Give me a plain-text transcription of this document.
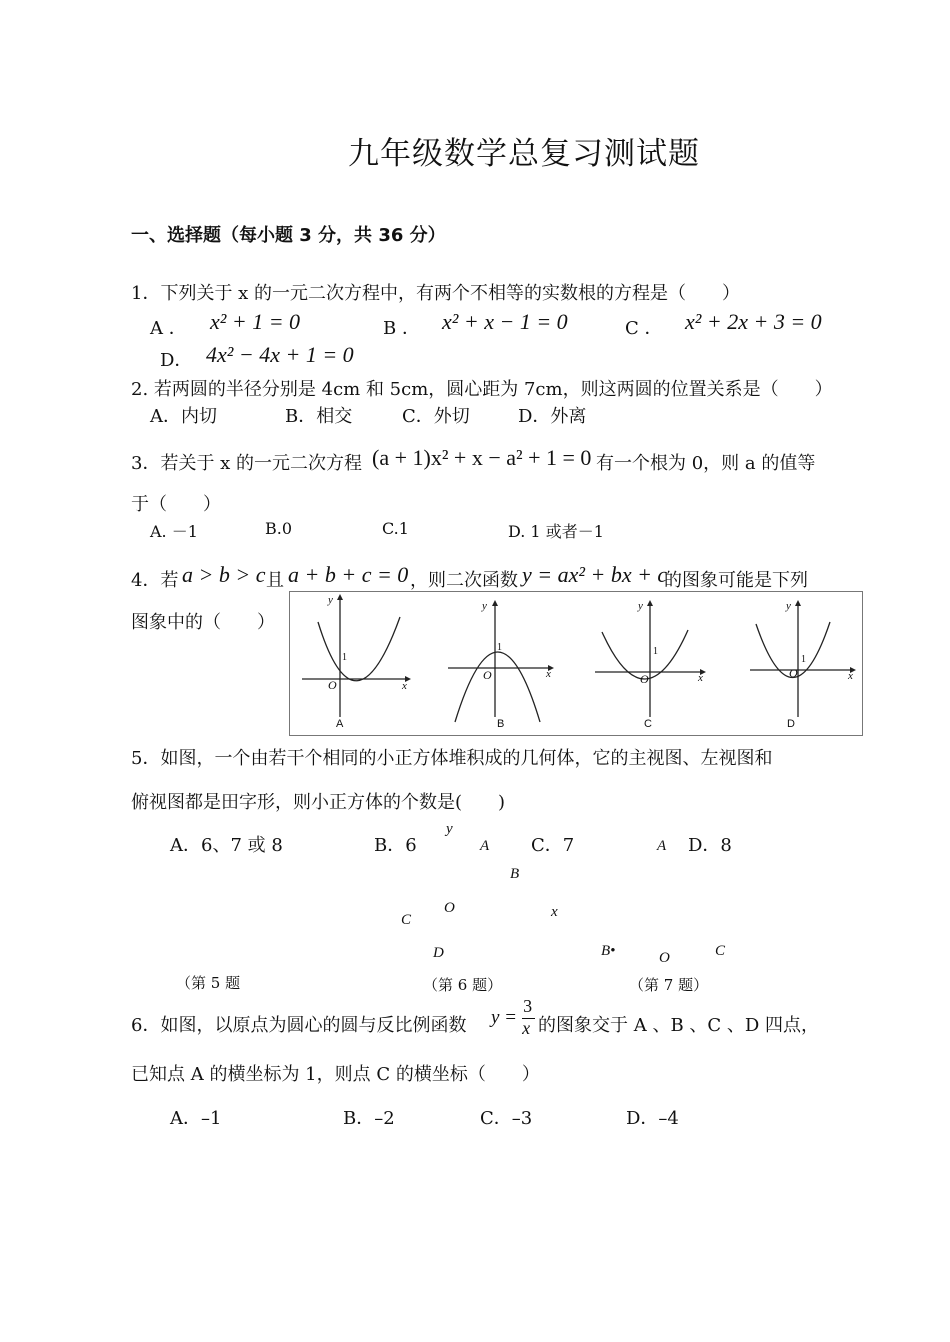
九年级数学总复习测试题
一、选择题（每小题 3 分，共 36 分）
1．下列关于 x 的一元二次方程中，有两个不相等的实数根的方程是（　　）
A ． x² + 1 = 0	B ． x² + x − 1 = 0	C ． x² + 2x + 3 = 0
D． 4x² − 4x + 1 = 0
2. 若两圆的半径分别是 4cm 和 5cm，圆心距为 7cm，则这两圆的位置关系是（　　）
A．内切	B．相交	C．外切	D．外离
3．若关于 x 的一元二次方程 (a + 1)x² + x − a² + 1 = 0 有一个根为 0，则 a 的值等
于（　　）
A. －1	B.0	C.1	D. 1 或者－1
4．若 a > b > c 且 a + b + c = 0 ，则二次函数 y = ax² + bx + c
的图象可能是下列
图象中的（　　）
y
x
O
1
A
y
x
O
1
B
y
x
O
1
C
y
x
O
1
D
5．如图，一个由若干个相同的小正方体堆积成的几何体，它的主视图、左视图和
俯视图都是田字形，则小正方体的个数是(　　)
A．6、7 或 8	B．6	C．7	D．8
y
A
B
C
O	x
D
A
B•	O	C
（第 5 题	（第 6 题）	（第 7 题）
6．如图，以原点为圆心的圆与反比例函数 $y = \frac{3}{x}$ 的图象交于 A 、B 、C 、D 四点，
已知点 A 的横坐标为 1，则点 C 的横坐标（　　）
A．–1	B．–2	C．–3	D．–4
